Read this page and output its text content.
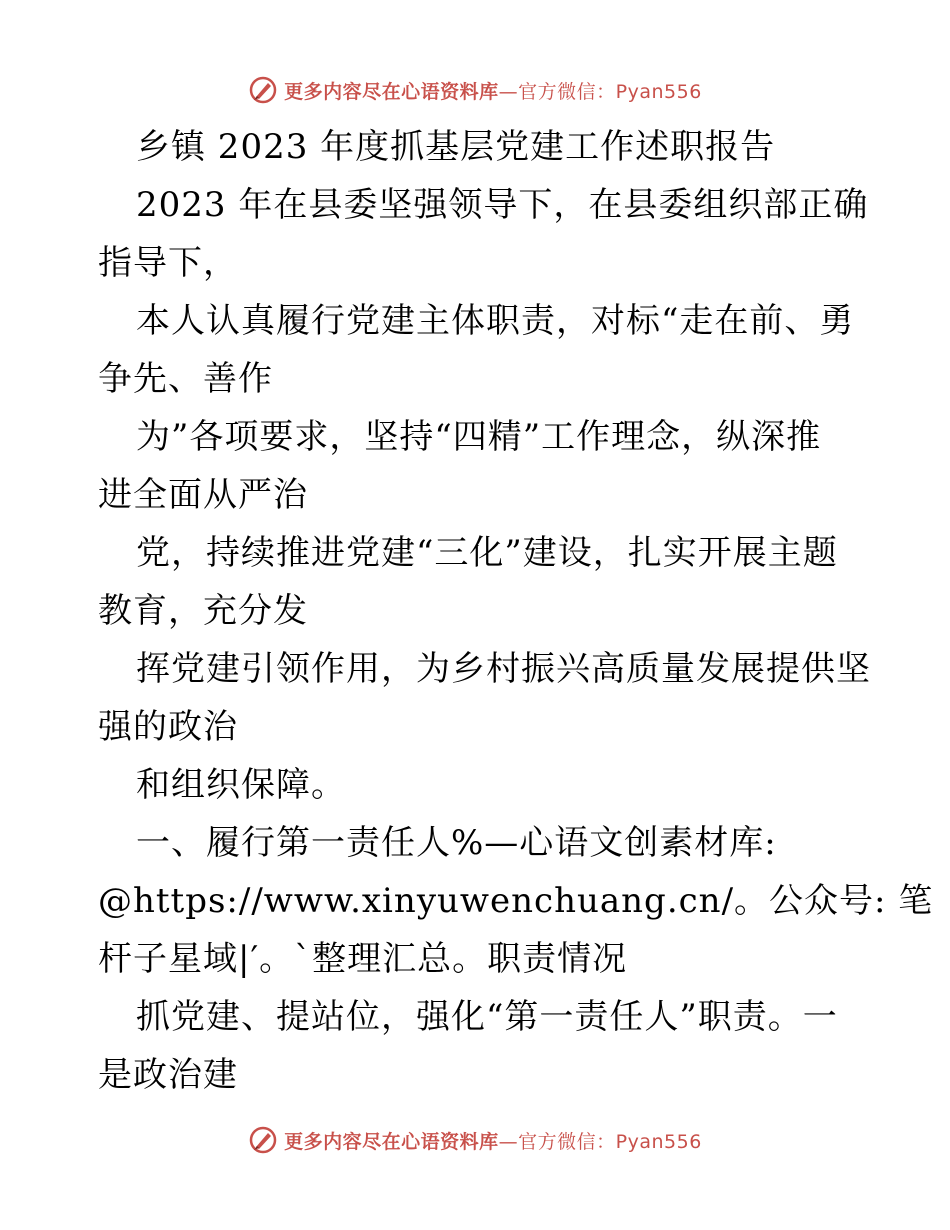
更多内容尽在心语资料库—官方微信：Pyan556
乡镇 2023 年度抓基层党建工作述职报告
2023 年在县委坚强领导下，在县委组织部正确
指导下，
本人认真履行党建主体职责，对标“走在前、勇
争先、善作
为”各项要求，坚持“四精”工作理念，纵深推
进全面从严治
党，持续推进党建“三化”建设，扎实开展主题
教育，充分发
挥党建引领作用，为乡村振兴高质量发展提供坚
强的政治
和组织保障。
一、履行第一责任人%—心语文创素材库:
@https://www.xinyuwenchuang.cn/。公众号: 笔
杆子星域|′。`整理汇总。职责情况
抓党建、提站位，强化“第一责任人”职责。一
是政治建
更多内容尽在心语资料库—官方微信：Pyan556
